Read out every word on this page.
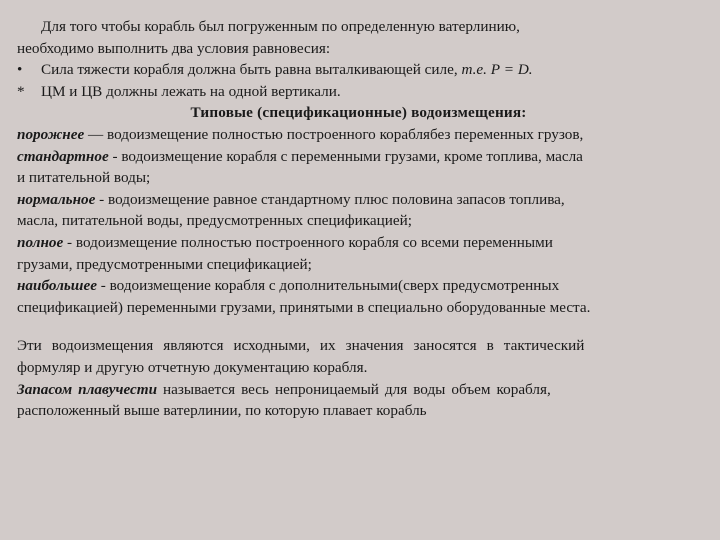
Для того чтобы корабль был погруженным по определенную ватерлинию,
необходимо выполнить два условия равновесия:
• Сила тяжести корабля должна быть равна выталкивающей силе, т.е. Р = D.
* ЦМ и ЦВ должны лежать на одной вертикали.
Типовые (спецификационные) водоизмещения:
порожнее — водоизмещение полностью построенного кораблябез переменных грузов,
стандартное - водоизмещение корабля с переменными грузами, кроме топлива, масла
и питательной воды;
нормальное - водоизмещение равное стандартному плюс половина запасов топлива,
масла, питательной воды, предусмотренных спецификацией;
полное - водоизмещение полностью построенного корабля со всеми переменными
грузами, предусмотренными спецификацией;
наибольшее - водоизмещение корабля с дополнительными(сверх предусмотренных
спецификацией) переменными грузами, принятыми в специально оборудованные места.
Эти водоизмещения являются исходными, их значения заносятся в тактический
формуляр и другую отчетную документацию корабля.
Запасом плавучести называется весь непроницаемый для воды объем корабля,
расположенный выше ватерлинии, по которую плавает корабль
